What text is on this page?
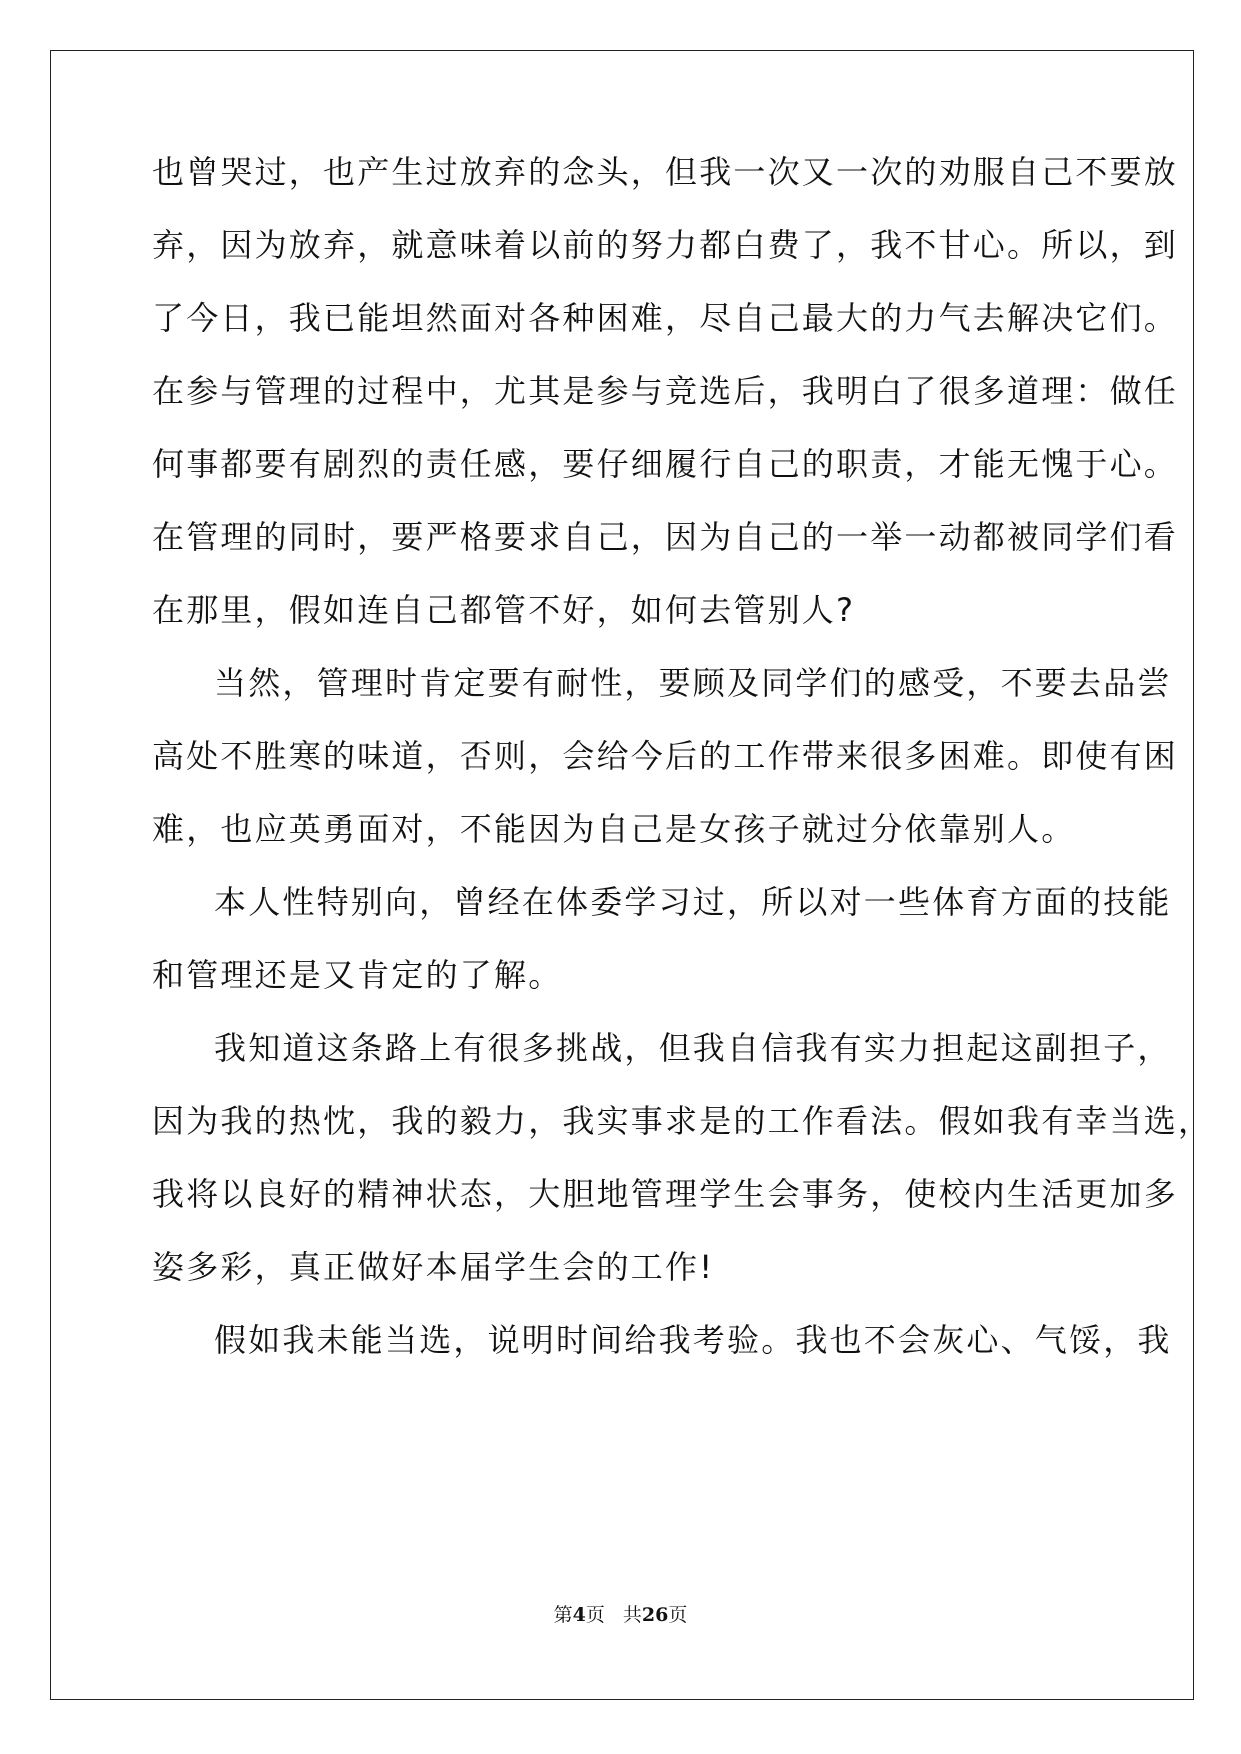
也曾哭过，也产生过放弃的念头，但我一次又一次的劝服自己不要放
弃，因为放弃，就意味着以前的努力都白费了，我不甘心。所以，到
了今日，我已能坦然面对各种困难，尽自己最大的力气去解决它们。
在参与管理的过程中，尤其是参与竞选后，我明白了很多道理：做任
何事都要有剧烈的责任感，要仔细履行自己的职责，才能无愧于心。
在管理的同时，要严格要求自己，因为自己的一举一动都被同学们看
在那里，假如连自己都管不好，如何去管别人?
当然，管理时肯定要有耐性，要顾及同学们的感受，不要去品尝
高处不胜寒的味道，否则，会给今后的工作带来很多困难。即使有困
难，也应英勇面对，不能因为自己是女孩子就过分依靠别人。
本人性特别向，曾经在体委学习过，所以对一些体育方面的技能
和管理还是又肯定的了解。
我知道这条路上有很多挑战，但我自信我有实力担起这副担子，
因为我的热忱，我的毅力，我实事求是的工作看法。假如我有幸当选，
我将以良好的精神状态，大胆地管理学生会事务，使校内生活更加多
姿多彩，真正做好本届学生会的工作!
假如我未能当选，说明时间给我考验。我也不会灰心、气馁，我
第4页 共26页
